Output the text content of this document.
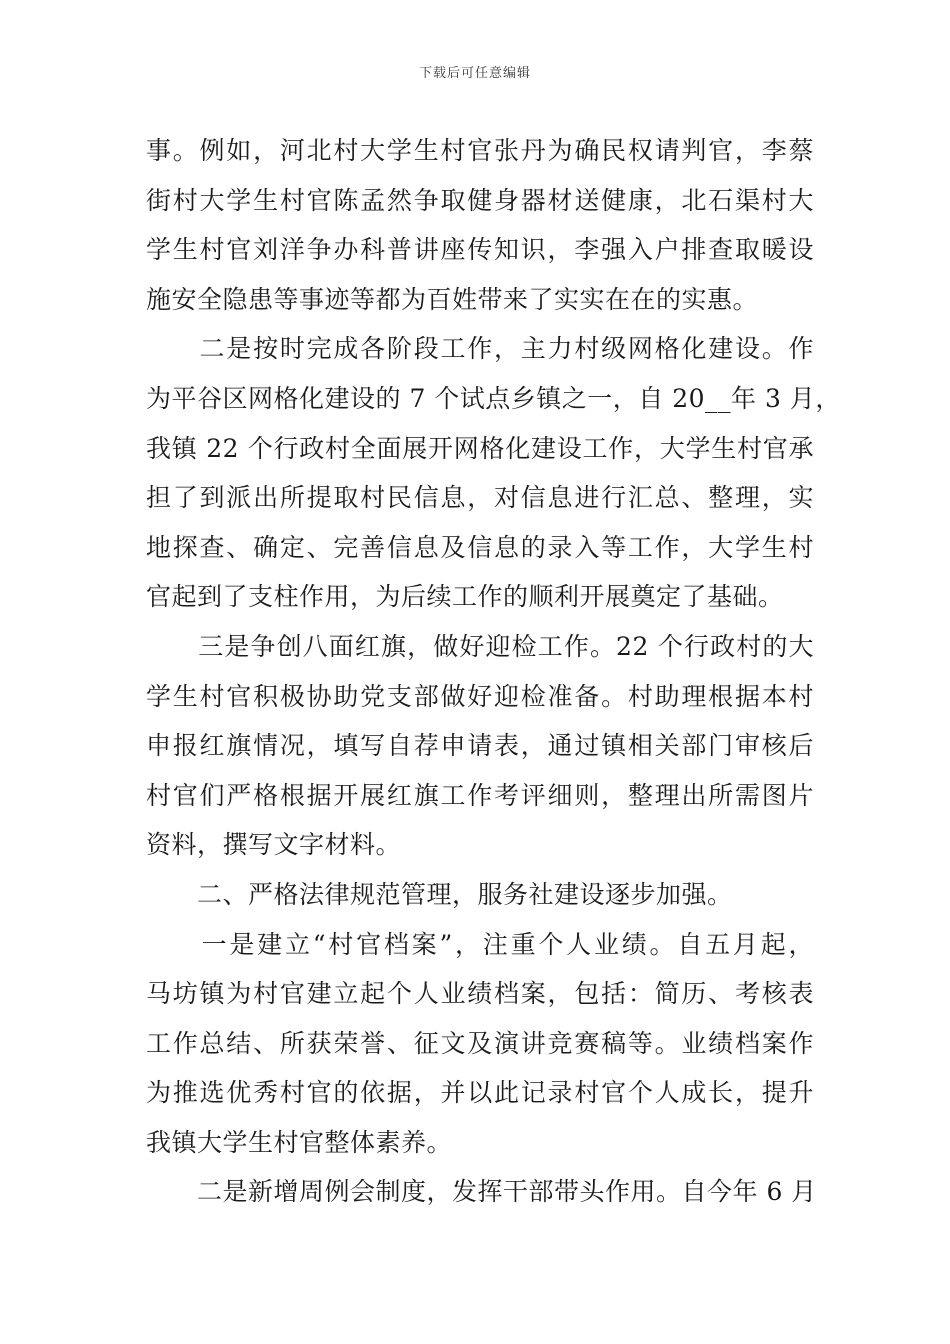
下载后可任意编辑
事。例如，河北村大学生村官张丹为确民权请判官，李蔡
街村大学生村官陈孟然争取健身器材送健康，北石渠村大
学生村官刘洋争办科普讲座传知识，李强入户排查取暖设
施安全隐患等事迹等都为百姓带来了实实在在的实惠。
　　二是按时完成各阶段工作，主力村级网格化建设。作
为平谷区网格化建设的 7 个试点乡镇之一，自 20__年 3 月，
我镇 22 个行政村全面展开网格化建设工作，大学生村官承
担了到派出所提取村民信息，对信息进行汇总、整理，实
地探查、确定、完善信息及信息的录入等工作，大学生村
官起到了支柱作用，为后续工作的顺利开展奠定了基础。
　　三是争创八面红旗，做好迎检工作。22 个行政村的大
学生村官积极协助党支部做好迎检准备。村助理根据本村
申报红旗情况，填写自荐申请表，通过镇相关部门审核后
村官们严格根据开展红旗工作考评细则，整理出所需图片
资料，撰写文字材料。
　　二、严格法律规范管理，服务社建设逐步加强。
　　一是建立“村官档案”，注重个人业绩。自五月起，
马坊镇为村官建立起个人业绩档案，包括：简历、考核表
工作总结、所获荣誉、征文及演讲竞赛稿等。业绩档案作
为推选优秀村官的依据，并以此记录村官个人成长，提升
我镇大学生村官整体素养。
　　二是新增周例会制度，发挥干部带头作用。自今年 6 月
